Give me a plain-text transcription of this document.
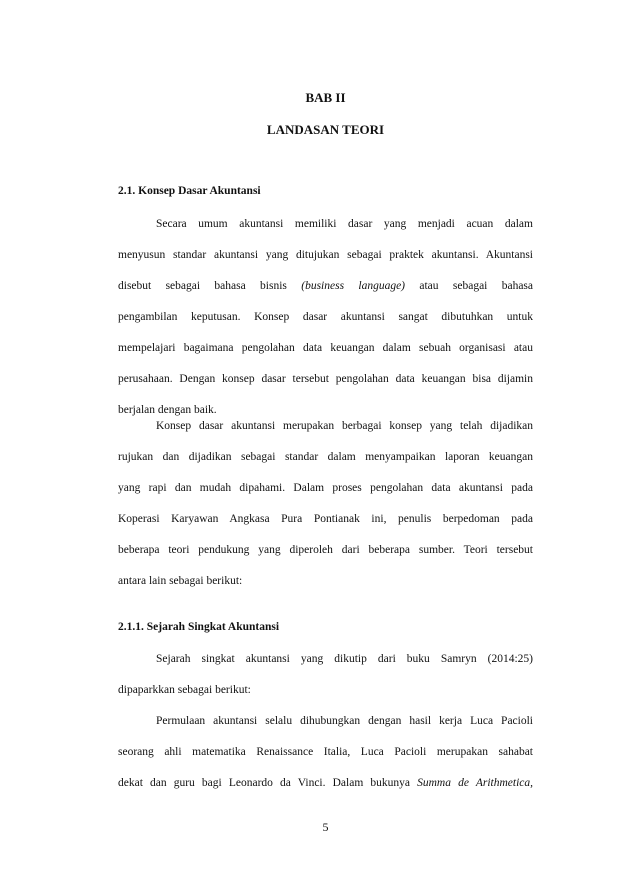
BAB II
LANDASAN TEORI
2.1. Konsep Dasar Akuntansi
Secara umum akuntansi memiliki dasar yang menjadi acuan dalam
menyusun standar akuntansi yang ditujukan sebagai praktek akuntansi. Akuntansi
disebut sebagai bahasa bisnis (business language) atau sebagai bahasa
pengambilan keputusan. Konsep dasar akuntansi sangat dibutuhkan untuk
mempelajari bagaimana pengolahan data keuangan dalam sebuah organisasi atau
perusahaan. Dengan konsep dasar tersebut pengolahan data keuangan bisa dijamin
berjalan dengan baik.
Konsep dasar akuntansi merupakan berbagai konsep yang telah dijadikan
rujukan dan dijadikan sebagai standar dalam menyampaikan laporan keuangan
yang rapi dan mudah dipahami. Dalam proses pengolahan data akuntansi pada
Koperasi Karyawan Angkasa Pura Pontianak ini, penulis berpedoman pada
beberapa teori pendukung yang diperoleh dari beberapa sumber. Teori tersebut
antara lain sebagai berikut:
2.1.1. Sejarah Singkat Akuntansi
Sejarah singkat akuntansi yang dikutip dari buku Samryn (2014:25)
dipaparkkan sebagai berikut:
Permulaan akuntansi selalu dihubungkan dengan hasil kerja Luca Pacioli
seorang ahli matematika Renaissance Italia, Luca Pacioli merupakan sahabat
dekat dan guru bagi Leonardo da Vinci. Dalam bukunya Summa de Arithmetica,
5
